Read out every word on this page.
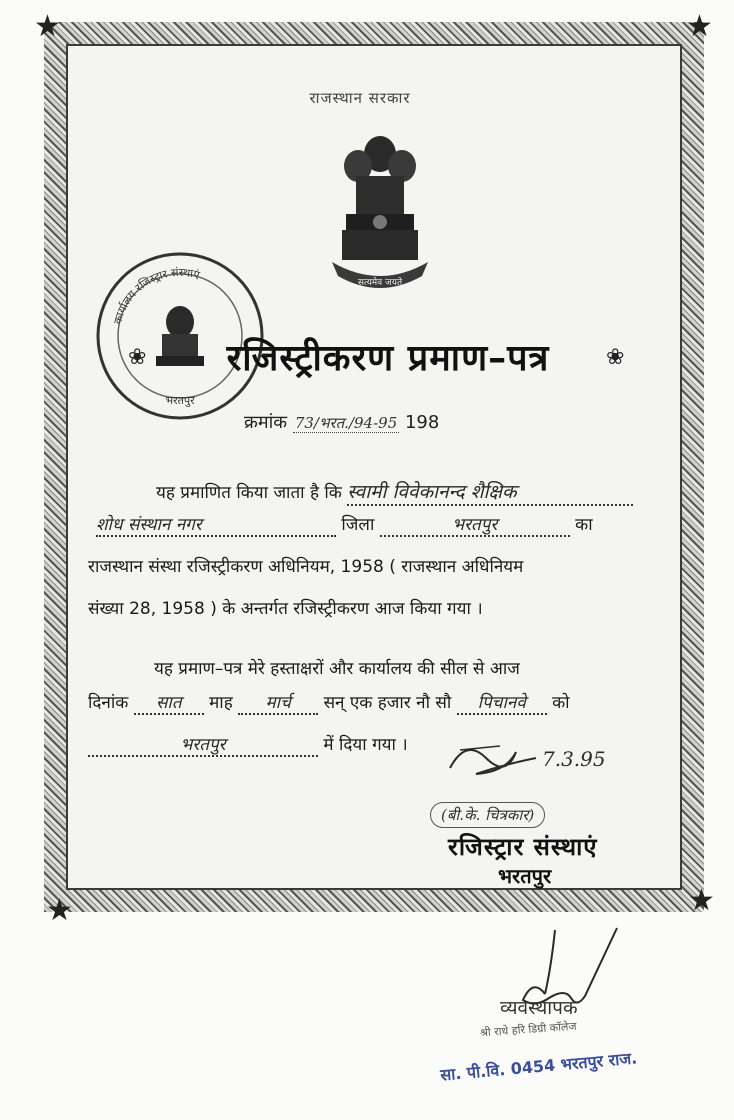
★	★
★	★
राजस्थान सरकार
सत्यमेव जयते
कार्यालय रजिस्ट्रार संस्थाएं
भरतपुर
❀	रजिस्ट्रीकरण प्रमाण–पत्र	❀
क्रमांक 73/भरत./94-95 198
यह प्रमाणित किया जाता है कि स्वामी विवेकानन्द शैक्षिक
शोध संस्थान नगर	जिला	भरतपुर	का
राजस्थान संस्था रजिस्ट्रीकरण अधिनियम, 1958 ( राजस्थान अधिनियम
संख्या 28, 1958 ) के अन्तर्गत रजिस्ट्रीकरण आज किया गया ।
यह प्रमाण–पत्र मेरे हस्ताक्षरों और कार्यालय की सील से आज
दिनांक सात माह मार्च सन् एक हजार नौ सौ पिचानवे को
भरतपुर	में दिया गया ।
7.3.95
(बी.के. चित्रकार)
रजिस्ट्रार संस्थाएं
भरतपुर
व्यवस्थापक
श्री राधे हरि डिग्री कॉलेज
सा. पी.वि. 0454 भरतपुर राज.
